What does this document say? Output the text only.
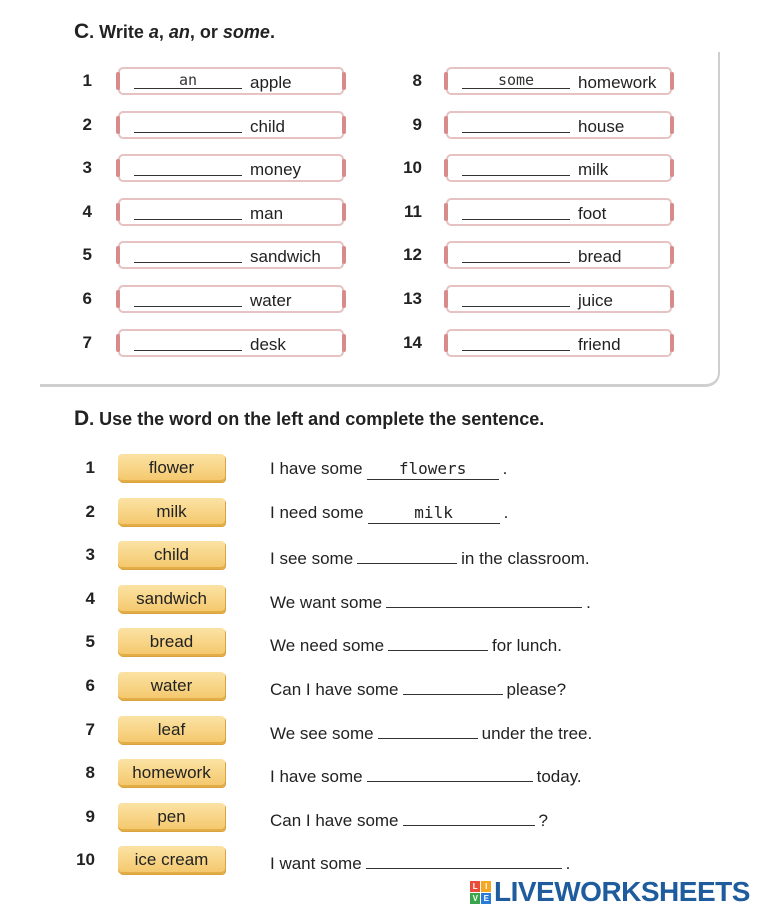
C. Write a, an, or some.
1	an	apple
2	child
3	money
4	man
5	sandwich
6	water
7	desk
8	some	homework
9	house
10	milk
11	foot
12	bread
13	juice
14	friend
D. Use the word on the left and complete the sentence.
1	flower	I have some flowers .
2	milk	I need some	milk	.
3	child	I see some	in the classroom.
4	sandwich	We want some	.
5	bread	We need some	for lunch.
6	water	Can I have some	please?
7	leaf	We see some	under the tree.
8	homework	I have some	today.
9	pen	Can I have some	?
10	ice cream	I want some	.
L I
V E LIVEWORKSHEETS
